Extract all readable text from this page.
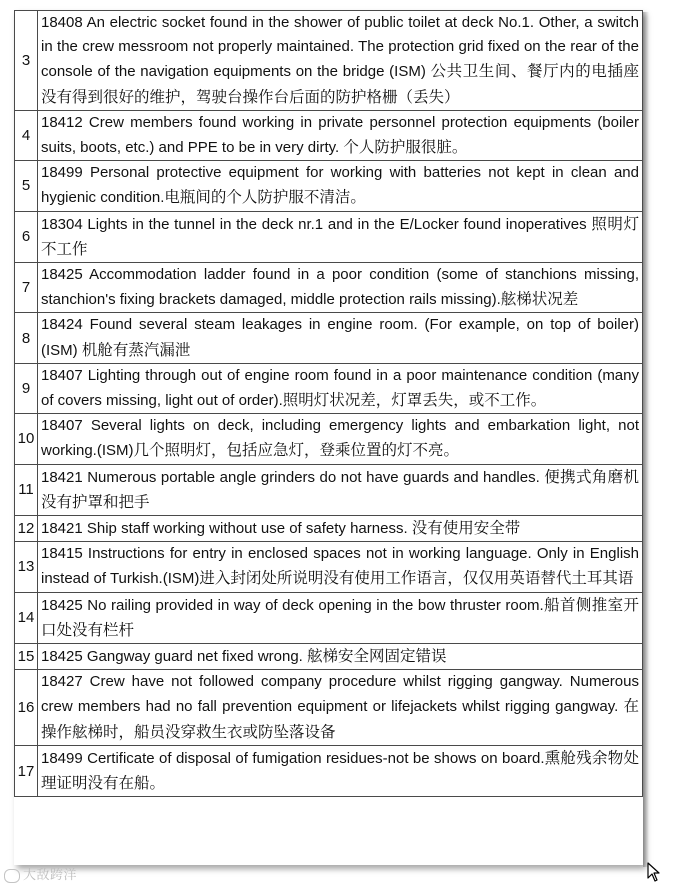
3	18408 An electric socket found in the shower of public toilet at deck No.1. Other, a switch in the crew messroom not properly maintained. The protection grid fixed on the rear of the console of the navigation equipments on the bridge (ISM) 公共卫生间、餐厅内的电插座没有得到很好的维护，驾驶台操作台后面的防护格栅（丢失）	
4	18412 Crew members found working in private personnel protection equipments (boiler suits, boots, etc.) and PPE to be in very dirty. 个人防护服很脏。	
5	18499 Personal protective equipment for working with batteries not kept in clean and hygienic condition.电瓶间的个人防护服不清洁。	
6	18304 Lights in the tunnel in the deck nr.1 and in the E/Locker found inoperatives 照明灯不工作	
7	18425 Accommodation ladder found in a poor condition (some of stanchions missing, stanchion's fixing brackets damaged, middle protection rails missing).舷梯状况差	
8	18424 Found several steam leakages in engine room. (For example, on top of boiler)(ISM) 机舱有蒸汽漏泄	
9	18407 Lighting through out of engine room found in a poor maintenance condition (many of covers missing, light out of order).照明灯状况差，灯罩丢失，或不工作。	
10	18407 Several lights on deck, including emergency lights and embarkation light, not working.(ISM)几个照明灯，包括应急灯，登乘位置的灯不亮。	
11	18421 Numerous portable angle grinders do not have guards and handles. 便携式角磨机没有护罩和把手	
12	18421 Ship staff working without use of safety harness. 没有使用安全带	
13	18415 Instructions for entry in enclosed spaces not in working language. Only in English instead of Turkish.(ISM)进入封闭处所说明没有使用工作语言，仅仅用英语替代土耳其语	
14	18425 No railing provided in way of deck opening in the bow thruster room.船首侧推室开口处没有栏杆	
15	18425 Gangway guard net fixed wrong. 舷梯安全网固定错误	
16	18427 Crew have not followed company procedure whilst rigging gangway. Numerous crew members had no fall prevention equipment or lifejackets whilst rigging gangway. 在操作舷梯时，船员没穿救生衣或防坠落设备	
17	18499 Certificate of disposal of fumigation residues-not be shows on board.熏舱残余物处理证明没有在船。	
大敌跨洋
